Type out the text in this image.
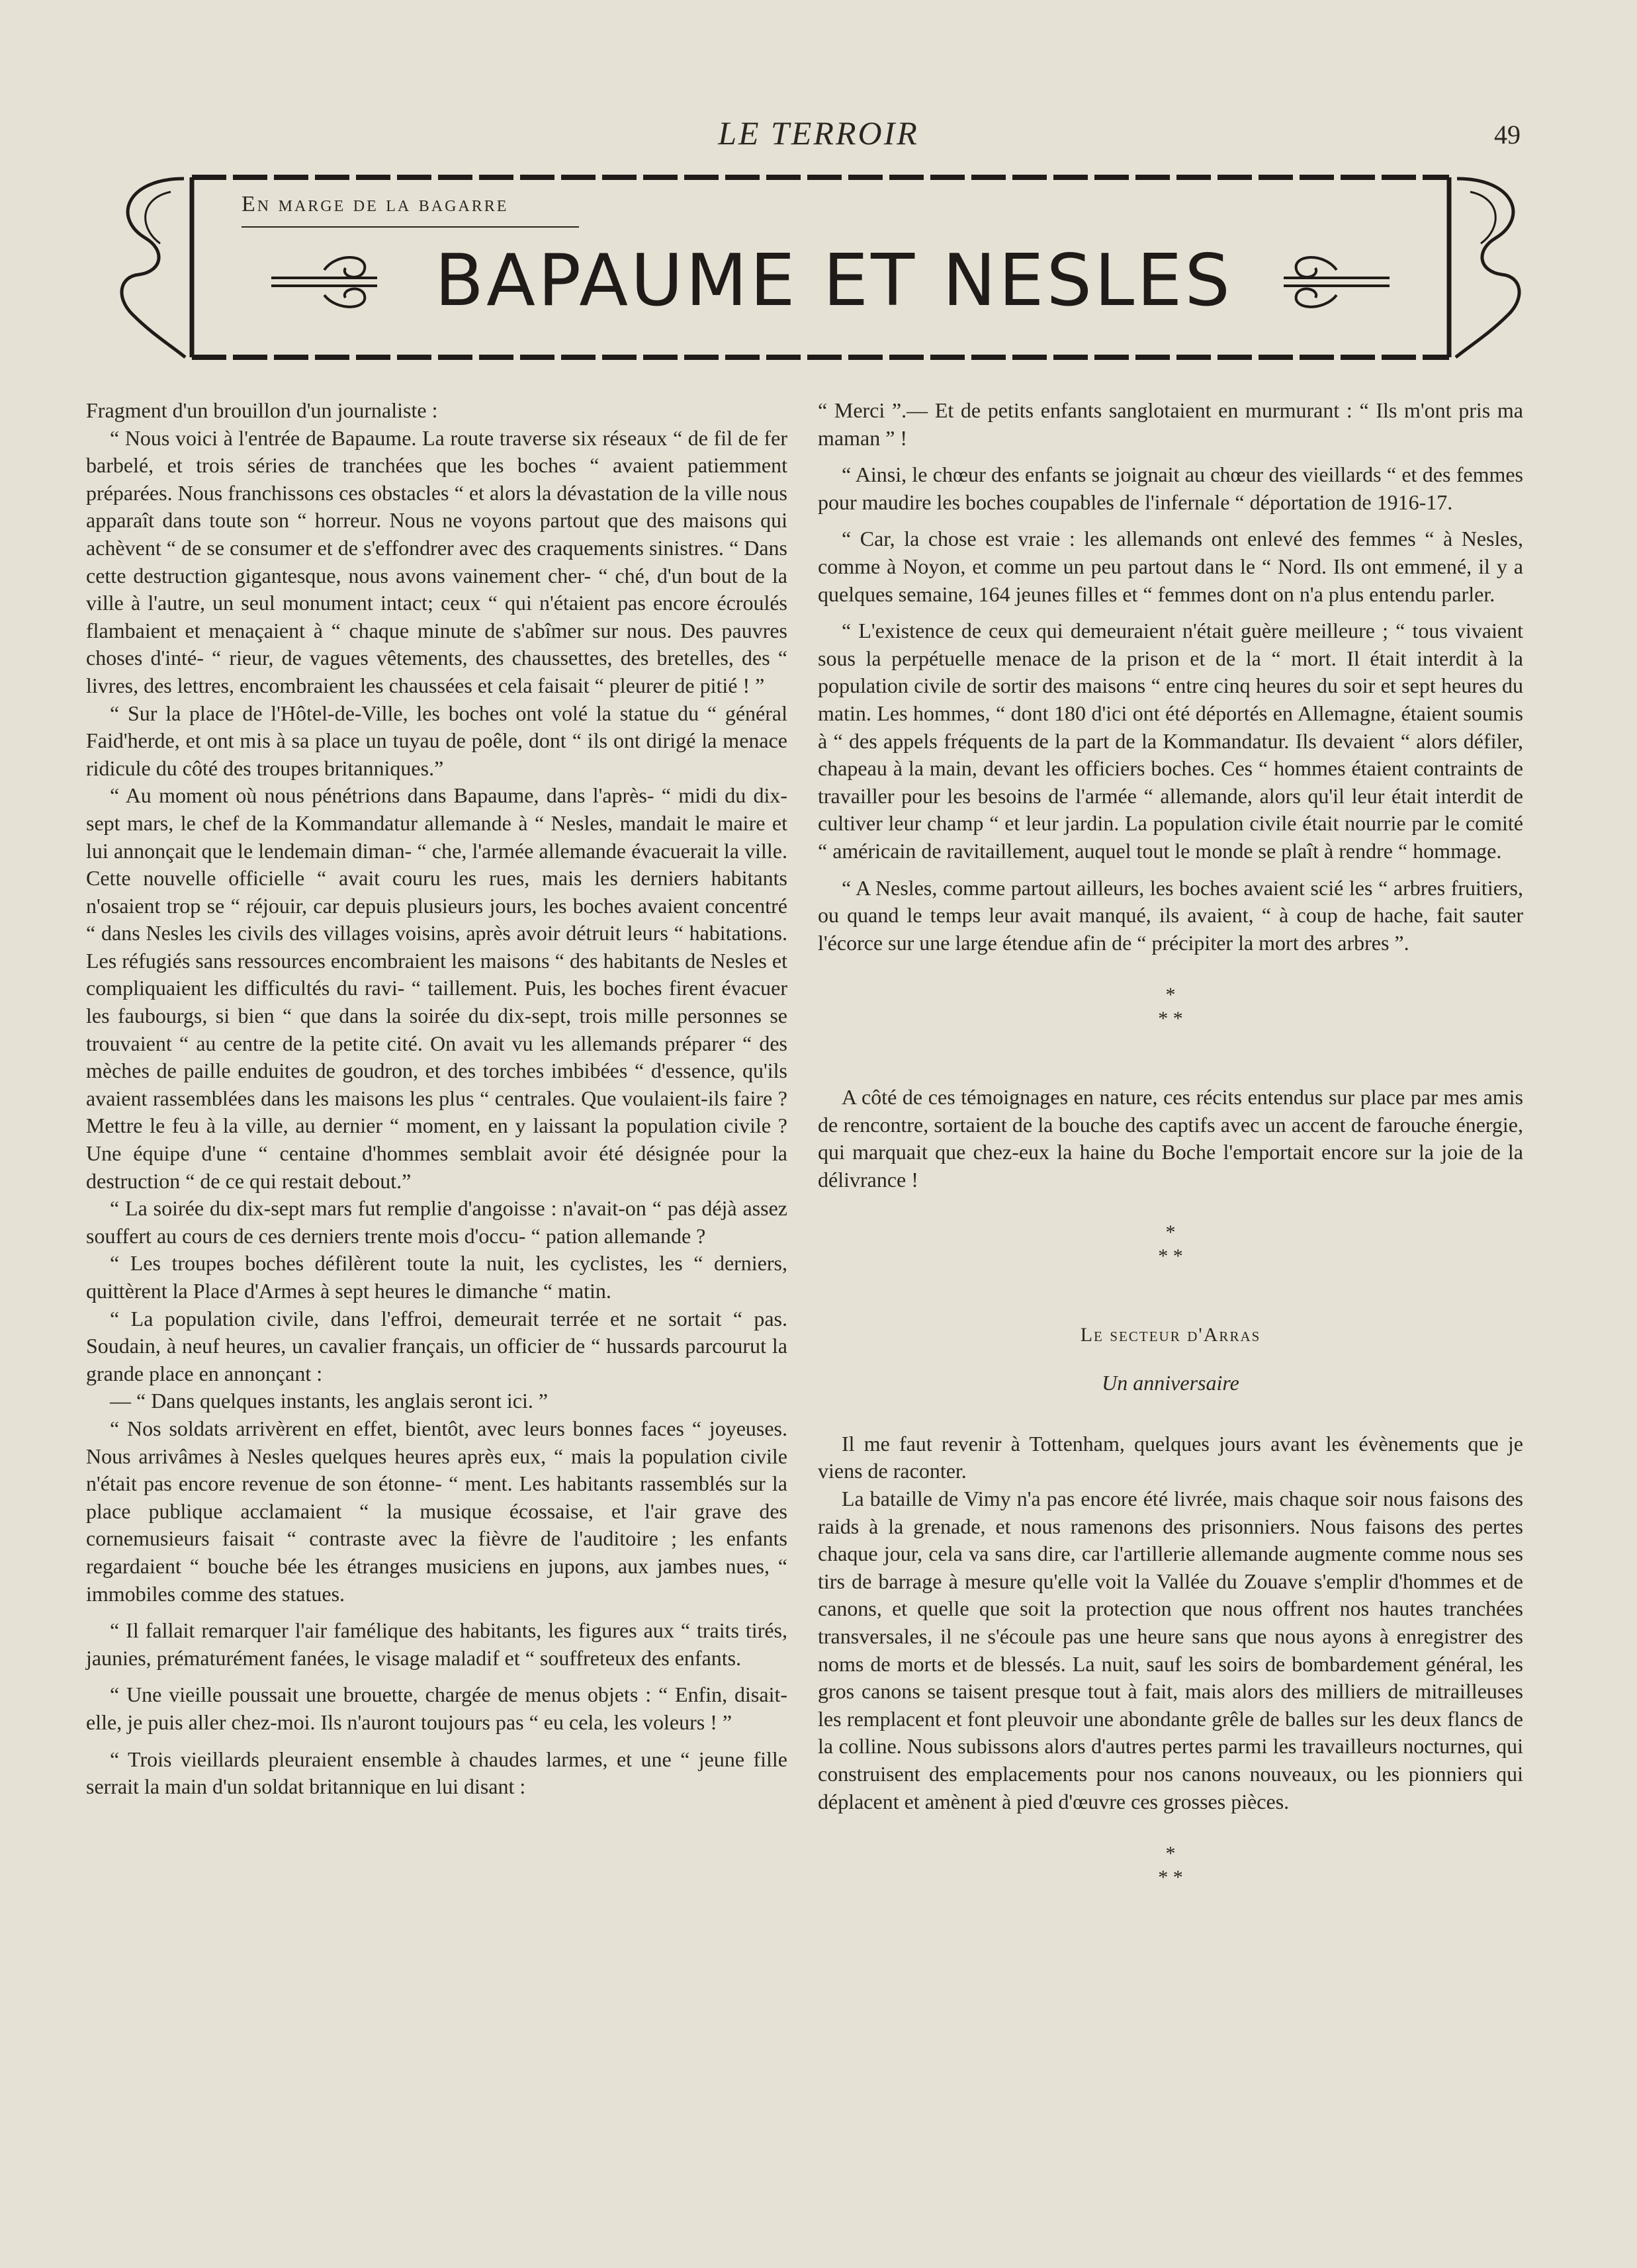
LE TERROIR	49
En marge de la bagarre
BAPAUME ET NESLES

Fragment d'un brouillon d'un journaliste :

“ Nous voici à l'entrée de Bapaume. La route traverse six réseaux “ de fil de fer barbelé, et trois séries de tranchées que les boches “ avaient patiemment préparées. Nous franchissons ces obstacles “ et alors la dévastation de la ville nous apparaît dans toute son “ horreur. Nous ne voyons partout que des maisons qui achèvent “ de se consumer et de s'effondrer avec des craquements sinistres. “ Dans cette destruction gigantesque, nous avons vainement cher- “ ché, d'un bout de la ville à l'autre, un seul monument intact; ceux “ qui n'étaient pas encore écroulés flambaient et menaçaient à “ chaque minute de s'abîmer sur nous. Des pauvres choses d'inté- “ rieur, de vagues vêtements, des chaussettes, des bretelles, des “ livres, des lettres, encombraient les chaussées et cela faisait “ pleurer de pitié ! ”

“ Sur la place de l'Hôtel-de-Ville, les boches ont volé la statue du “ général Faid'herde, et ont mis à sa place un tuyau de poêle, dont “ ils ont dirigé la menace ridicule du côté des troupes britanniques.”

“ Au moment où nous pénétrions dans Bapaume, dans l'après- “ midi du dix-sept mars, le chef de la Kommandatur allemande à “ Nesles, mandait le maire et lui annonçait que le lendemain diman- “ che, l'armée allemande évacuerait la ville. Cette nouvelle officielle “ avait couru les rues, mais les derniers habitants n'osaient trop se “ réjouir, car depuis plusieurs jours, les boches avaient concentré “ dans Nesles les civils des villages voisins, après avoir détruit leurs “ habitations. Les réfugiés sans ressources encombraient les maisons “ des habitants de Nesles et compliquaient les difficultés du ravi- “ taillement. Puis, les boches firent évacuer les faubourgs, si bien “ que dans la soirée du dix-sept, trois mille personnes se trouvaient “ au centre de la petite cité. On avait vu les allemands préparer “ des mèches de paille enduites de goudron, et des torches imbibées “ d'essence, qu'ils avaient rassemblées dans les maisons les plus “ centrales. Que voulaient-ils faire ? Mettre le feu à la ville, au dernier “ moment, en y laissant la population civile ? Une équipe d'une “ centaine d'hommes semblait avoir été désignée pour la destruction “ de ce qui restait debout.”

“ La soirée du dix-sept mars fut remplie d'angoisse : n'avait-on “ pas déjà assez souffert au cours de ces derniers trente mois d'occu- “ pation allemande ?

“ Les troupes boches défilèrent toute la nuit, les cyclistes, les “ derniers, quittèrent la Place d'Armes à sept heures le dimanche “ matin.

“ La population civile, dans l'effroi, demeurait terrée et ne sortait “ pas. Soudain, à neuf heures, un cavalier français, un officier de “ hussards parcourut la grande place en annonçant :

— “ Dans quelques instants, les anglais seront ici. ”

“ Nos soldats arrivèrent en effet, bientôt, avec leurs bonnes faces “ joyeuses. Nous arrivâmes à Nesles quelques heures après eux, “ mais la population civile n'était pas encore revenue de son étonne- “ ment. Les habitants rassemblés sur la place publique acclamaient “ la musique écossaise, et l'air grave des cornemusieurs faisait “ contraste avec la fièvre de l'auditoire ; les enfants regardaient “ bouche bée les étranges musiciens en jupons, aux jambes nues, “ immobiles comme des statues.

“ Il fallait remarquer l'air famélique des habitants, les figures aux “ traits tirés, jaunies, prématurément fanées, le visage maladif et “ souffreteux des enfants.

“ Une vieille poussait une brouette, chargée de menus objets : “ Enfin, disait-elle, je puis aller chez-moi. Ils n'auront toujours pas “ eu cela, les voleurs ! ”

“ Trois vieillards pleuraient ensemble à chaudes larmes, et une “ jeune fille serrait la main d'un soldat britannique en lui disant :

“ Merci ”.— Et de petits enfants sanglotaient en murmurant : “ Ils m'ont pris ma maman ” !

“ Ainsi, le chœur des enfants se joignait au chœur des vieillards “ et des femmes pour maudire les boches coupables de l'infernale “ déportation de 1916-17.

“ Car, la chose est vraie : les allemands ont enlevé des femmes “ à Nesles, comme à Noyon, et comme un peu partout dans le “ Nord. Ils ont emmené, il y a quelques semaine, 164 jeunes filles et “ femmes dont on n'a plus entendu parler.

“ L'existence de ceux qui demeuraient n'était guère meilleure ; “ tous vivaient sous la perpétuelle menace de la prison et de la “ mort. Il était interdit à la population civile de sortir des maisons “ entre cinq heures du soir et sept heures du matin. Les hommes, “ dont 180 d'ici ont été déportés en Allemagne, étaient soumis à “ des appels fréquents de la part de la Kommandatur. Ils devaient “ alors défiler, chapeau à la main, devant les officiers boches. Ces “ hommes étaient contraints de travailler pour les besoins de l'armée “ allemande, alors qu'il leur était interdit de cultiver leur champ “ et leur jardin. La population civile était nourrie par le comité “ américain de ravitaillement, auquel tout le monde se plaît à rendre “ hommage.

“ A Nesles, comme partout ailleurs, les boches avaient scié les “ arbres fruitiers, ou quand le temps leur avait manqué, ils avaient, “ à coup de hache, fait sauter l'écorce sur une large étendue afin de “ précipiter la mort des arbres ”.

*
* *

A côté de ces témoignages en nature, ces récits entendus sur place par mes amis de rencontre, sortaient de la bouche des captifs avec un accent de farouche énergie, qui marquait que chez-eux la haine du Boche l'emportait encore sur la joie de la délivrance !

*
* *
Le secteur d'Arras
Un anniversaire

Il me faut revenir à Tottenham, quelques jours avant les évènements que je viens de raconter.

La bataille de Vimy n'a pas encore été livrée, mais chaque soir nous faisons des raids à la grenade, et nous ramenons des prisonniers. Nous faisons des pertes chaque jour, cela va sans dire, car l'artillerie allemande augmente comme nous ses tirs de barrage à mesure qu'elle voit la Vallée du Zouave s'emplir d'hommes et de canons, et quelle que soit la protection que nous offrent nos hautes tranchées transversales, il ne s'écoule pas une heure sans que nous ayons à enregistrer des noms de morts et de blessés. La nuit, sauf les soirs de bombardement général, les gros canons se taisent presque tout à fait, mais alors des milliers de mitrailleuses les remplacent et font pleuvoir une abondante grêle de balles sur les deux flancs de la colline. Nous subissons alors d'autres pertes parmi les travailleurs nocturnes, qui construisent des emplacements pour nos canons nouveaux, ou les pionniers qui déplacent et amènent à pied d'œuvre ces grosses pièces.

*
* *
